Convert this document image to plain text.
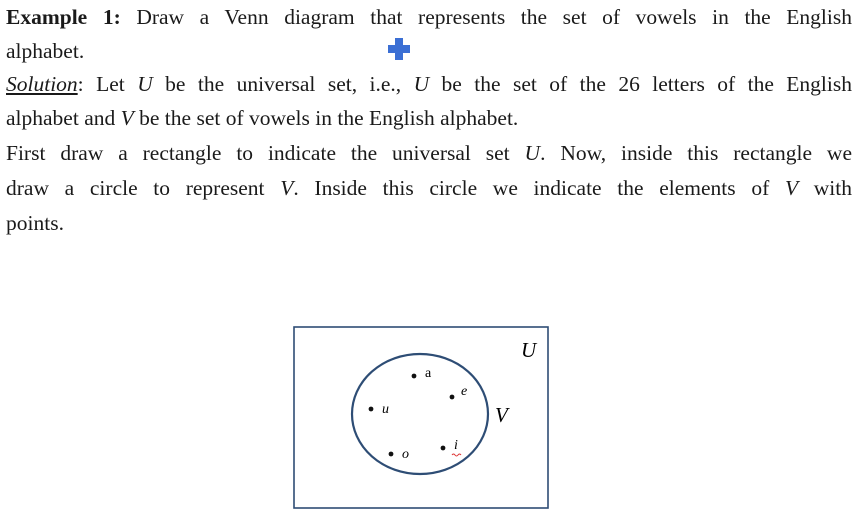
Example 1: Draw a Venn diagram that represents the set of vowels in the English
alphabet.
Solution: Let U be the universal set, i.e., U be the set of the 26 letters of the English
alphabet and V be the set of vowels in the English alphabet.
First draw a rectangle to indicate the universal set U. Now, inside this rectangle we
draw a circle to represent V. Inside this circle we indicate the elements of V with
points.
U
V
a
e
u
i
o
